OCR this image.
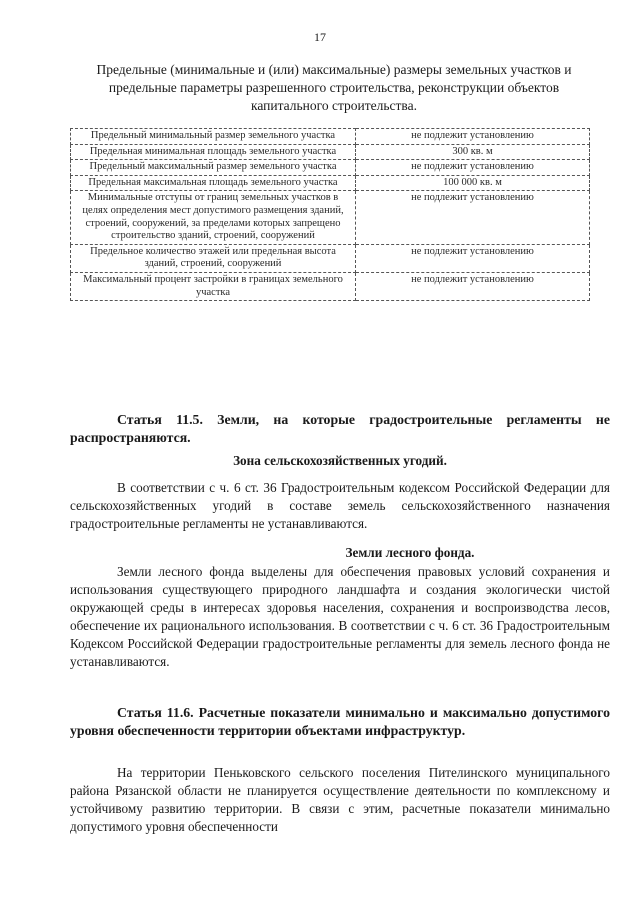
17
Предельные (минимальные и (или) максимальные) размеры земельных участков и предельные параметры разрешенного строительства, реконструкции объектов капитального строительства.
Предельный минимальный размер земельного участка	не подлежит установлению
Предельная минимальная площадь земельного участка	300 кв. м
Предельный максимальный размер земельного участка	не подлежит установлению
Предельная максимальная площадь земельного участка	100 000 кв. м
Минимальные отступы от границ земельных участков в целях определения мест допустимого размещения зданий, строений, сооружений, за пределами которых запрещено строительство зданий, строений, сооружений	не подлежит установлению
Предельное количество этажей или предельная высота зданий, строений, сооружений	не подлежит установлению
Максимальный процент застройки в границах земельного участка	не подлежит установлению
Статья 11.5. Земли, на которые градостроительные регламенты не распространяются.
Зона сельскохозяйственных угодий.
В соответствии с ч. 6 ст. 36 Градостроительным кодексом Российской Федерации для сельскохозяйственных угодий в составе земель сельскохозяйственного назначения градостроительные регламенты не устанавливаются.
Земли лесного фонда.
Земли лесного фонда выделены для обеспечения правовых условий сохранения и использования существующего природного ландшафта и создания экологически чистой окружающей среды в интересах здоровья населения, сохранения и воспроизводства лесов, обеспечение их рационального использования. В соответствии с ч. 6 ст. 36 Градостроительным Кодексом Российской Федерации градостроительные регламенты для земель лесного фонда не устанавливаются.
Статья 11.6. Расчетные показатели минимально и максимально допустимого уровня обеспеченности территории объектами инфраструктур.
На территории Пеньковского сельского поселения Пителинского муниципального района Рязанской области не планируется осуществление деятельности по комплексному и устойчивому развитию территории. В связи с этим, расчетные показатели минимально допустимого уровня обеспеченности
